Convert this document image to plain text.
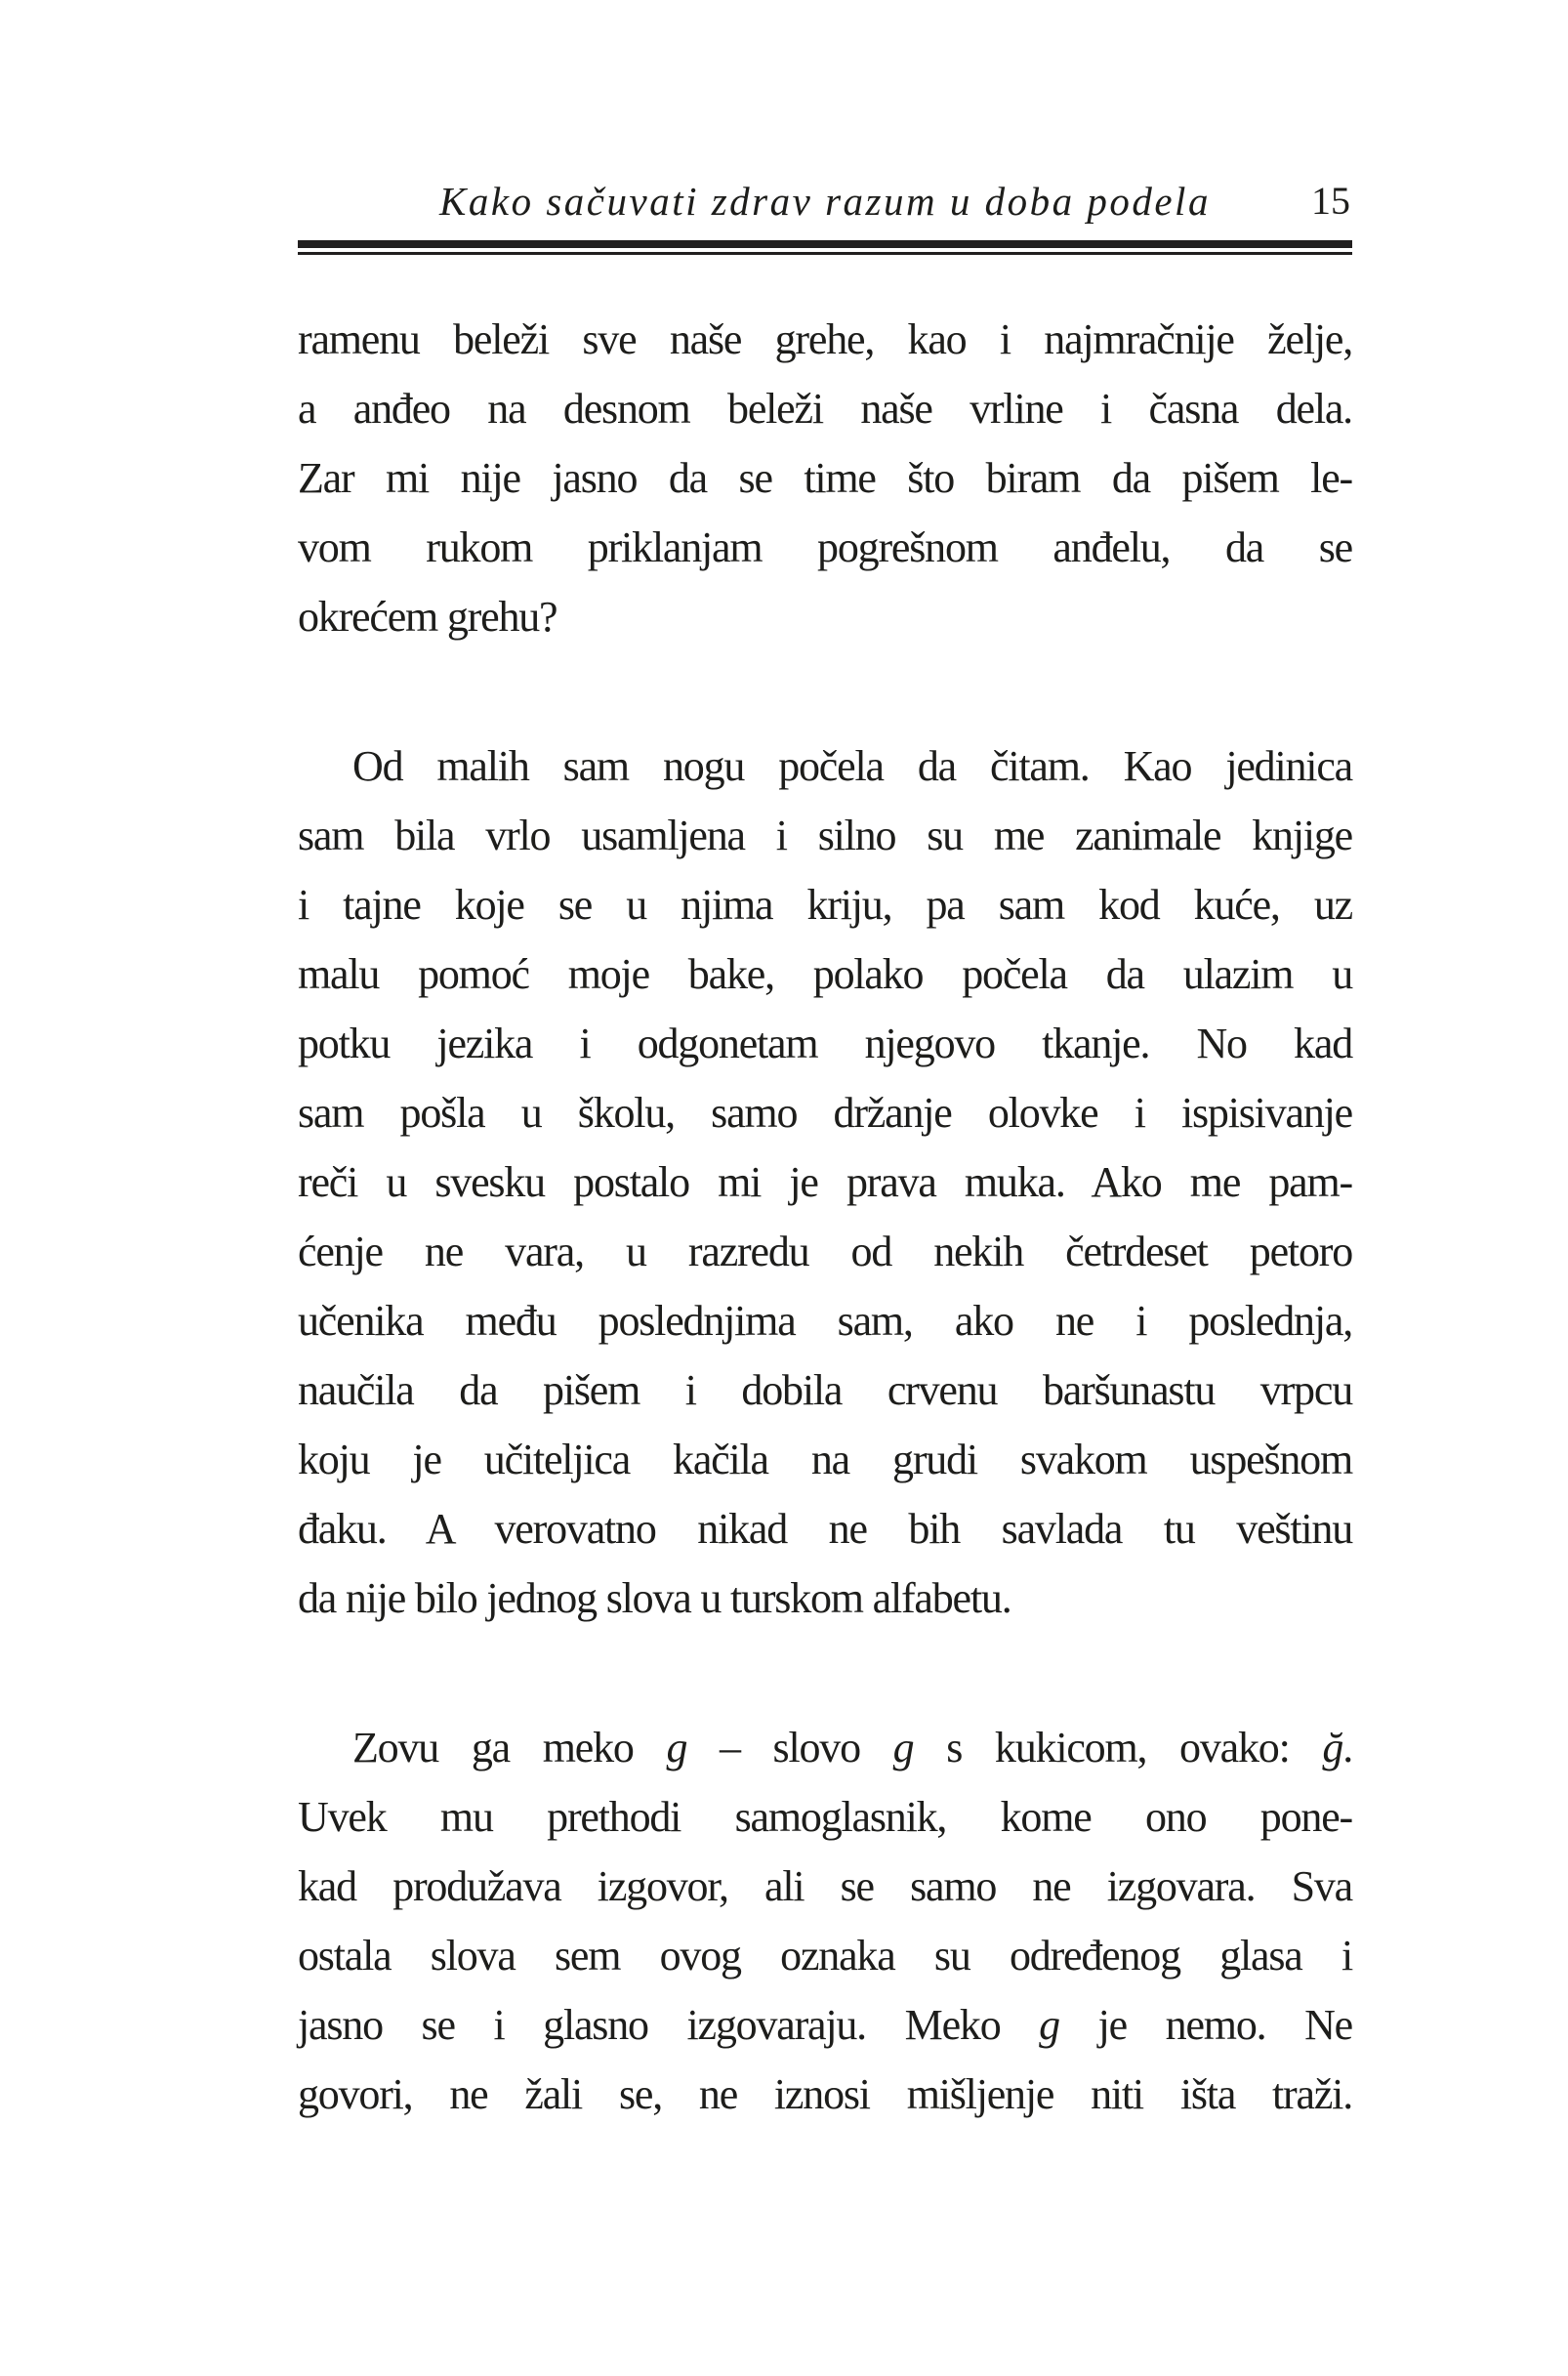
Kako sačuvati zdrav razum u doba podela	15

ramenu beleži sve naše grehe, kao i najmračnije želje,
a anđeo na desnom beleži naše vrline i časna dela.
Zar mi nije jasno da se time što biram da pišem le-
vom rukom priklanjam pogrešnom anđelu, da se
okrećem grehu?

Od malih sam nogu počela da čitam. Kao jedinica
sam bila vrlo usamljena i silno su me zanimale knjige
i tajne koje se u njima kriju, pa sam kod kuće, uz
malu pomoć moje bake, polako počela da ulazim u
potku jezika i odgonetam njegovo tkanje. No kad
sam pošla u školu, samo držanje olovke i ispisivanje
reči u svesku postalo mi je prava muka. Ako me pam-
ćenje ne vara, u razredu od nekih četrdeset petoro
učenika među poslednjima sam, ako ne i poslednja,
naučila da pišem i dobila crvenu baršunastu vrpcu
koju je učiteljica kačila na grudi svakom uspešnom
đaku. A verovatno nikad ne bih savlada tu veštinu
da nije bilo jednog slova u turskom alfabetu.

Zovu ga meko g – slovo g s kukicom, ovako: ğ.
Uvek mu prethodi samoglasnik, kome ono pone-
kad produžava izgovor, ali se samo ne izgovara. Sva
ostala slova sem ovog oznaka su određenog glasa i
jasno se i glasno izgovaraju. Meko g je nemo. Ne
govori, ne žali se, ne iznosi mišljenje niti išta traži.
